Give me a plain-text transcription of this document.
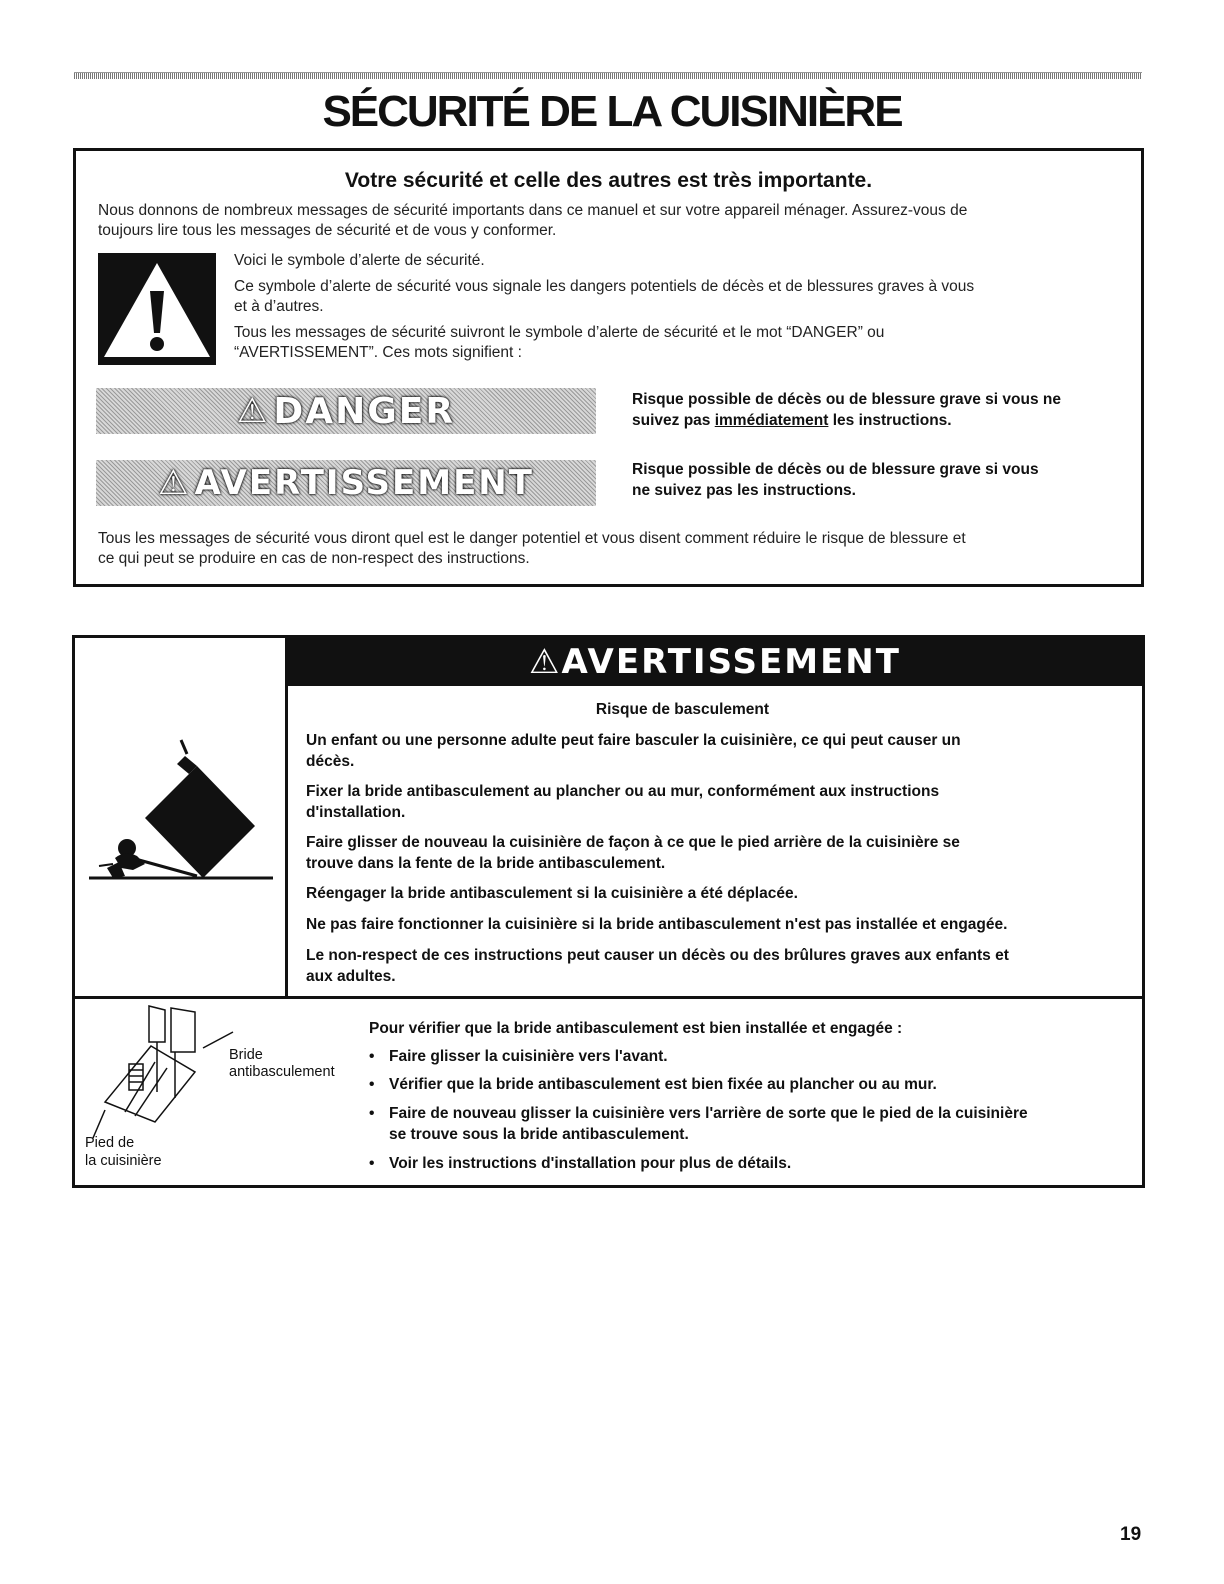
SÉCURITÉ DE LA CUISINIÈRE
Votre sécurité et celle des autres est très importante.
Nous donnons de nombreux messages de sécurité importants dans ce manuel et sur votre appareil ménager. Assurez-vous de
toujours lire tous les messages de sécurité et de vous y conformer.
Voici le symbole d’alerte de sécurité.
Ce symbole d’alerte de sécurité vous signale les dangers potentiels de décès et de blessures graves à vous
et à d’autres.
Tous les messages de sécurité suivront le symbole d’alerte de sécurité et le mot “DANGER” ou
“AVERTISSEMENT”. Ces mots signifient :
⚠ DANGER	Risque possible de décès ou de blessure grave si vous ne
suivez pas immédiatement les instructions.
⚠ AVERTISSEMENT	Risque possible de décès ou de blessure grave si vous
ne suivez pas les instructions.
Tous les messages de sécurité vous diront quel est le danger potentiel et vous disent comment réduire le risque de blessure et
ce qui peut se produire en cas de non-respect des instructions.
⚠ AVERTISSEMENT
Risque de basculement
Un enfant ou une personne adulte peut faire basculer la cuisinière, ce qui peut causer un
décès.
Fixer la bride antibasculement au plancher ou au mur, conformément aux instructions
d'installation.
Faire glisser de nouveau la cuisinière de façon à ce que le pied arrière de la cuisinière se
trouve dans la fente de la bride antibasculement.
Réengager la bride antibasculement si la cuisinière a été déplacée.
Ne pas faire fonctionner la cuisinière si la bride antibasculement n'est pas installée et engagée.
Le non-respect de ces instructions peut causer un décès ou des brûlures graves aux enfants et
aux adultes.
Bride
antibasculement
Pied de
la cuisinière
Pour vérifier que la bride antibasculement est bien installée et engagée :
• Faire glisser la cuisinière vers l'avant.
• Vérifier que la bride antibasculement est bien fixée au plancher ou au mur.
• Faire de nouveau glisser la cuisinière vers l'arrière de sorte que le pied de la cuisinière
se trouve sous la bride antibasculement.
• Voir les instructions d'installation pour plus de détails.
19
